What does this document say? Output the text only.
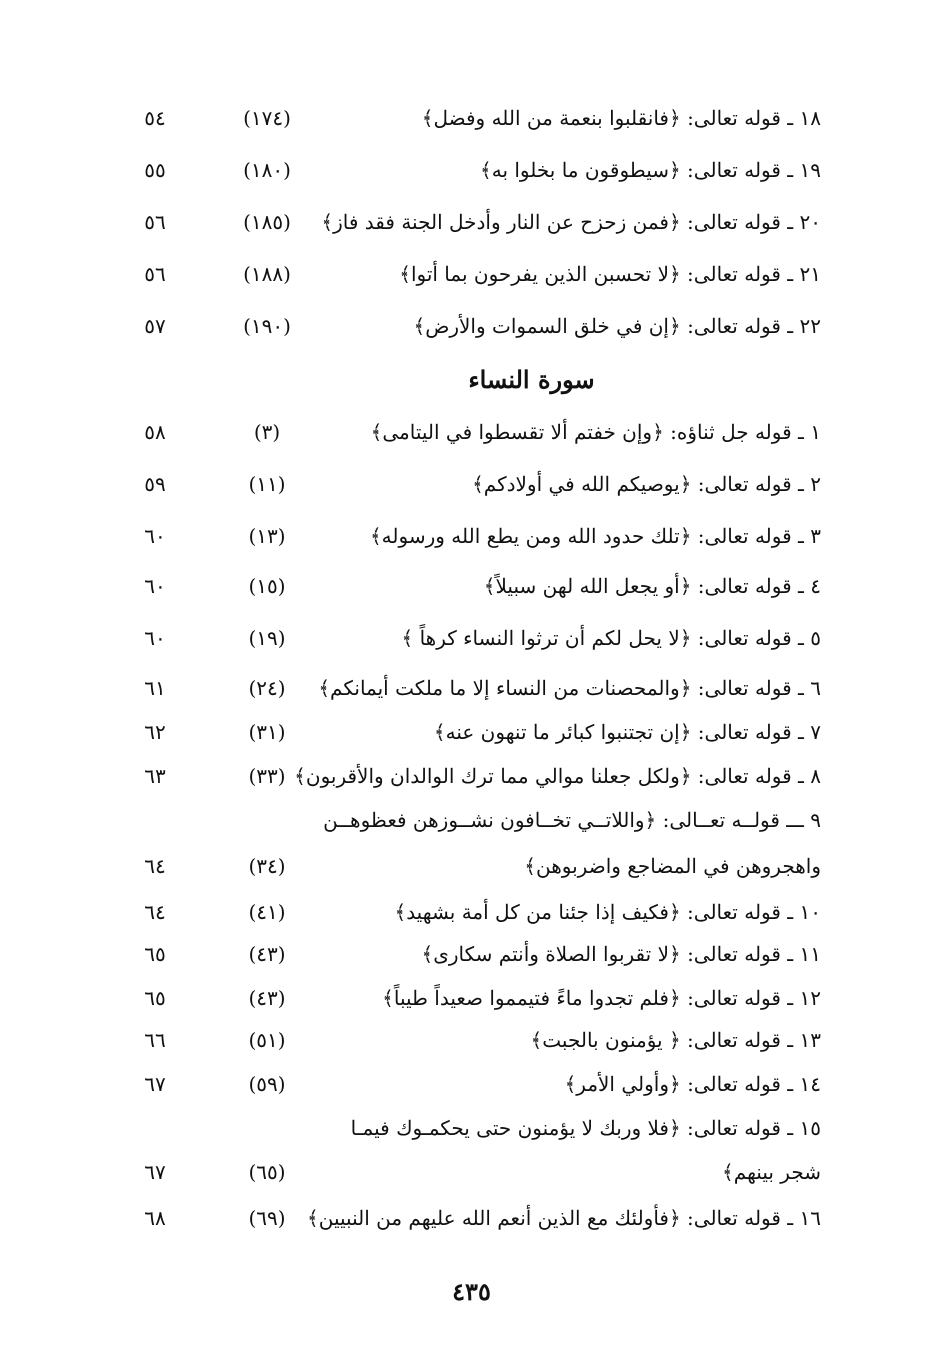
١٨ ـ قوله تعالى: ﴿فانقلبوا بنعمة من الله وفضل﴾
(١٧٤)
٥٤
١٩ ـ قوله تعالى: ﴿سيطوقون ما بخلوا به﴾
(١٨٠)
٥٥
٢٠ ـ قوله تعالى: ﴿فمن زحزح عن النار وأدخل الجنة فقد فاز﴾
(١٨٥)
٥٦
٢١ ـ قوله تعالى: ﴿لا تحسبن الذين يفرحون بما أتوا﴾
(١٨٨)
٥٦
٢٢ ـ قوله تعالى: ﴿إن في خلق السموات والأرض﴾
(١٩٠)
٥٧
سورة النساء
١ ـ قوله جل ثناؤه: ﴿وإن خفتم ألا تقسطوا في اليتامى﴾
(٣)
٥٨
٢ ـ قوله تعالى: ﴿يوصيكم الله في أولادكم﴾
(١١)
٥٩
٣ ـ قوله تعالى: ﴿تلك حدود الله ومن يطع الله ورسوله﴾
(١٣)
٦٠
٤ ـ قوله تعالى: ﴿أو يجعل الله لهن سبيلاً﴾
(١٥)
٦٠
٥ ـ قوله تعالى: ﴿لا يحل لكم أن ترثوا النساء كرهاً ﴾
(١٩)
٦٠
٦ ـ قوله تعالى: ﴿والمحصنات من النساء إلا ما ملكت أيمانكم﴾
(٢٤)
٦١
٧ ـ قوله تعالى: ﴿إن تجتنبوا كبائر ما تنهون عنه﴾
(٣١)
٦٢
٨ ـ قوله تعالى: ﴿ولكل جعلنا موالي مما ترك الوالدان والأقربون﴾
(٣٣)
٦٣
٩ ـــ قولــه تعــالى: ﴿واللاتــي تخــافون نشــوزهن فعظوهــن
واهجروهن في المضاجع واضربوهن﴾
(٣٤)
٦٤
١٠ ـ قوله تعالى: ﴿فكيف إذا جئنا من كل أمة بشهيد﴾
(٤١)
٦٤
١١ ـ قوله تعالى: ﴿لا تقربوا الصلاة وأنتم سكارى﴾
(٤٣)
٦٥
١٢ ـ قوله تعالى: ﴿فلم تجدوا ماءً فتيمموا صعيداً طيباً﴾
(٤٣)
٦٥
١٣ ـ قوله تعالى: ﴿ يؤمنون بالجبت﴾
(٥١)
٦٦
١٤ ـ قوله تعالى: ﴿وأولي الأمر﴾
(٥٩)
٦٧
١٥ ـ قوله تعالى: ﴿فلا وربك لا يؤمنون حتى يحكمـوك فيمـا
شجر بينهم﴾
(٦٥)
٦٧
١٦ ـ قوله تعالى: ﴿فأولئك مع الذين أنعم الله عليهم من النبيين﴾
(٦٩)
٦٨
٤٣٥
